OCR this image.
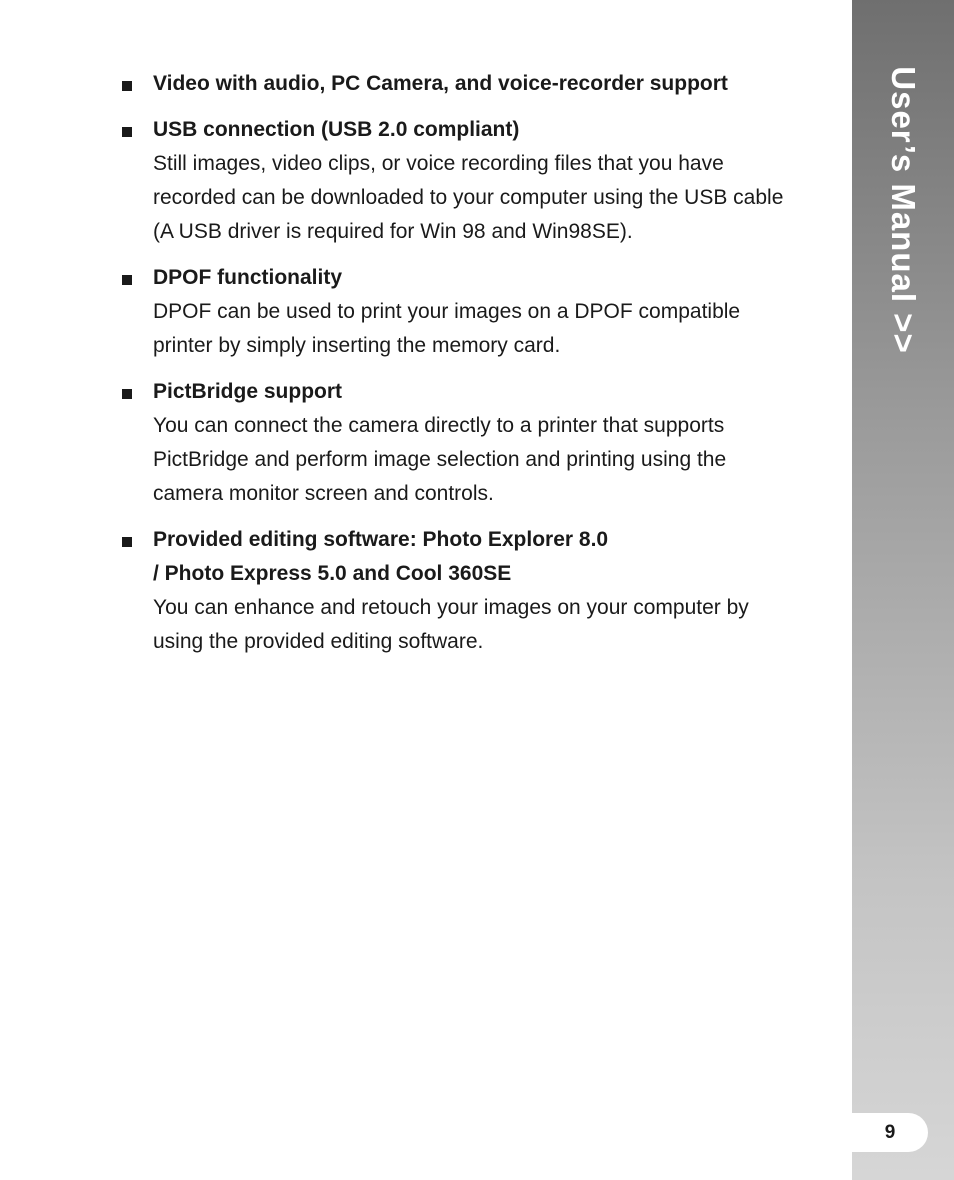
User’s Manual >>
9

Video with audio, PC Camera, and voice-recorder support

USB connection (USB 2.0 compliant)

Still images, video clips, or voice recording files that you have

recorded can be downloaded to your computer using the USB cable

(A USB driver is required for Win 98 and Win98SE).

DPOF functionality

DPOF can be used to print your images on a DPOF compatible

printer by simply inserting the memory card.

PictBridge support

You can connect the camera directly to a printer that supports

PictBridge and perform image selection and printing using the

camera monitor screen and controls.

Provided editing software: Photo Explorer 8.0

/ Photo Express 5.0 and Cool 360SE

You can enhance and retouch your images on your computer by

using the provided editing software.
